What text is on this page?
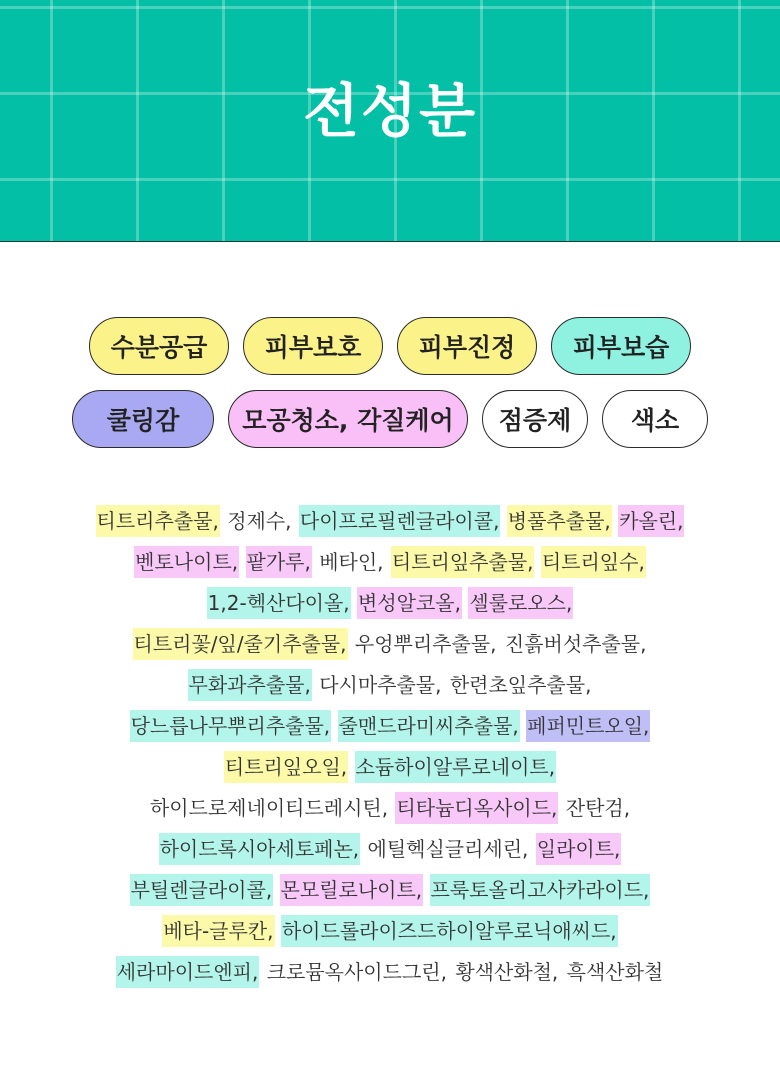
전성분
수분공급	피부보호	피부진정	피부보습
쿨링감	모공청소, 각질케어	점증제	색소
티트리추출물, 정제수, 다이프로필렌글라이콜, 병풀추출물, 카올린,
벤토나이트, 팥가루, 베타인, 티트리잎추출물, 티트리잎수,
1,2-헥산다이올, 변성알코올, 셀룰로오스,
티트리꽃/잎/줄기추출물, 우엉뿌리추출물, 진흙버섯추출물,
무화과추출물, 다시마추출물, 한련초잎추출물,
당느릅나무뿌리추출물, 줄맨드라미씨추출물, 페퍼민트오일,
티트리잎오일, 소듐하이알루로네이트,
하이드로제네이티드레시틴, 티타늄디옥사이드, 잔탄검,
하이드록시아세토페논, 에틸헥실글리세린, 일라이트,
부틸렌글라이콜, 몬모릴로나이트, 프룩토올리고사카라이드,
베타-글루칸, 하이드롤라이즈드하이알루로닉애씨드,
세라마이드엔피, 크로뮴옥사이드그린, 황색산화철, 흑색산화철
